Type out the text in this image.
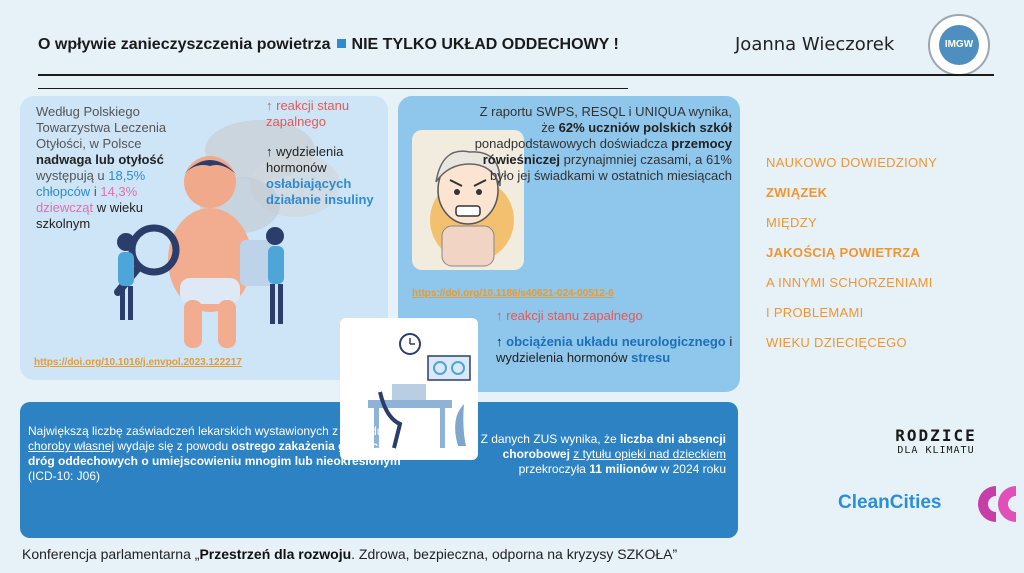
O wpływie zanieczyszczenia powietrza NIE TYLKO UKŁAD ODDECHOWY !	Joanna Wieczorek	IMGW
Według Polskiego Towarzystwa Leczenia Otyłości, w Polsce nadwaga lub otyłość występują u 18,5% chłopców i 14,3% dziewcząt w wieku szkolnym
↑ reakcji stanu zapalnego
↑ wydzielenia hormonów osłabiających działanie insuliny
https://doi.org/10.1016/j.envpol.2023.122217
Z raportu SWPS, RESQL i UNIQUA wynika, że 62% uczniów polskich szkół ponadpodstawowych doświadcza przemocy rówieśniczej przynajmniej czasami, a 61% było jej świadkami w ostatnich miesiącach
https://doi.org/10.1186/s40621-024-00512-6
↑ reakcji stanu zapalnego
↑ obciążenia układu neurologicznego i wydzielenia hormonów stresu
Największą liczbę zaświadczeń lekarskich wystawionych z powodu choroby własnej wydaje się z powodu ostrego zakażenia górnych dróg oddechowych o umiejscowieniu mnogim lub nieokreślonym (ICD-10: J06)
Z danych ZUS wynika, że liczba dni absencji chorobowej z tytułu opieki nad dzieckiem przekroczyła 11 milionów w 2024 roku
NAUKOWO DOWIEDZIONY
ZWIĄZEK
MIĘDZY
JAKOŚCIĄ POWIETRZA
A INNYMI SCHORZENIAMI
I PROBLEMAMI
WIEKU DZIECIĘCEGO
RODZICE
DLA KLIMATU
CleanCities
Konferencja parlamentarna „Przestrzeń dla rozwoju. Zdrowa, bezpieczna, odporna na kryzysy SZKOŁA”
